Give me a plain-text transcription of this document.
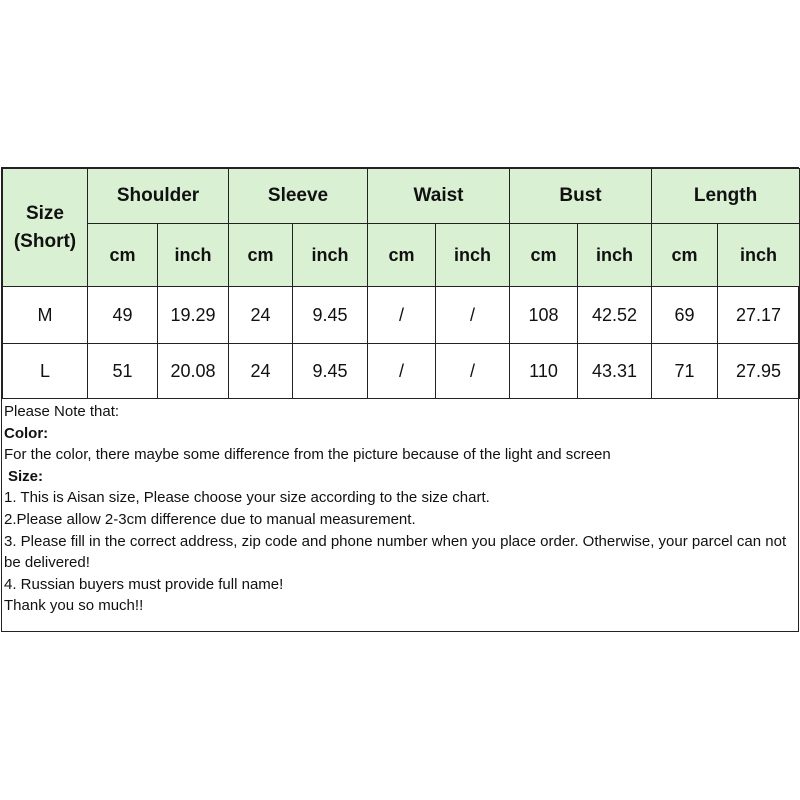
Size
(Short)	Shoulder		Sleeve		Waist		Bust		Length	
	cm	inch	cm	inch	cm	inch	cm	inch	cm	inch
M	49	19.29	24	9.45	/	/	108	42.52	69	27.17
L	51	20.08	24	9.45	/	/	110	43.31	71	27.95
Please Note that:
Color:
For the color, there maybe some difference from the picture because of the light and screen
Size:
1. This is Aisan size, Please choose your size according to the size chart.
2.Please allow 2-3cm difference due to manual measurement.
3. Please fill in the correct address, zip code and phone number when you place order. Otherwise, your parcel can not be delivered!
4. Russian buyers must provide full name!
Thank you so much!!
